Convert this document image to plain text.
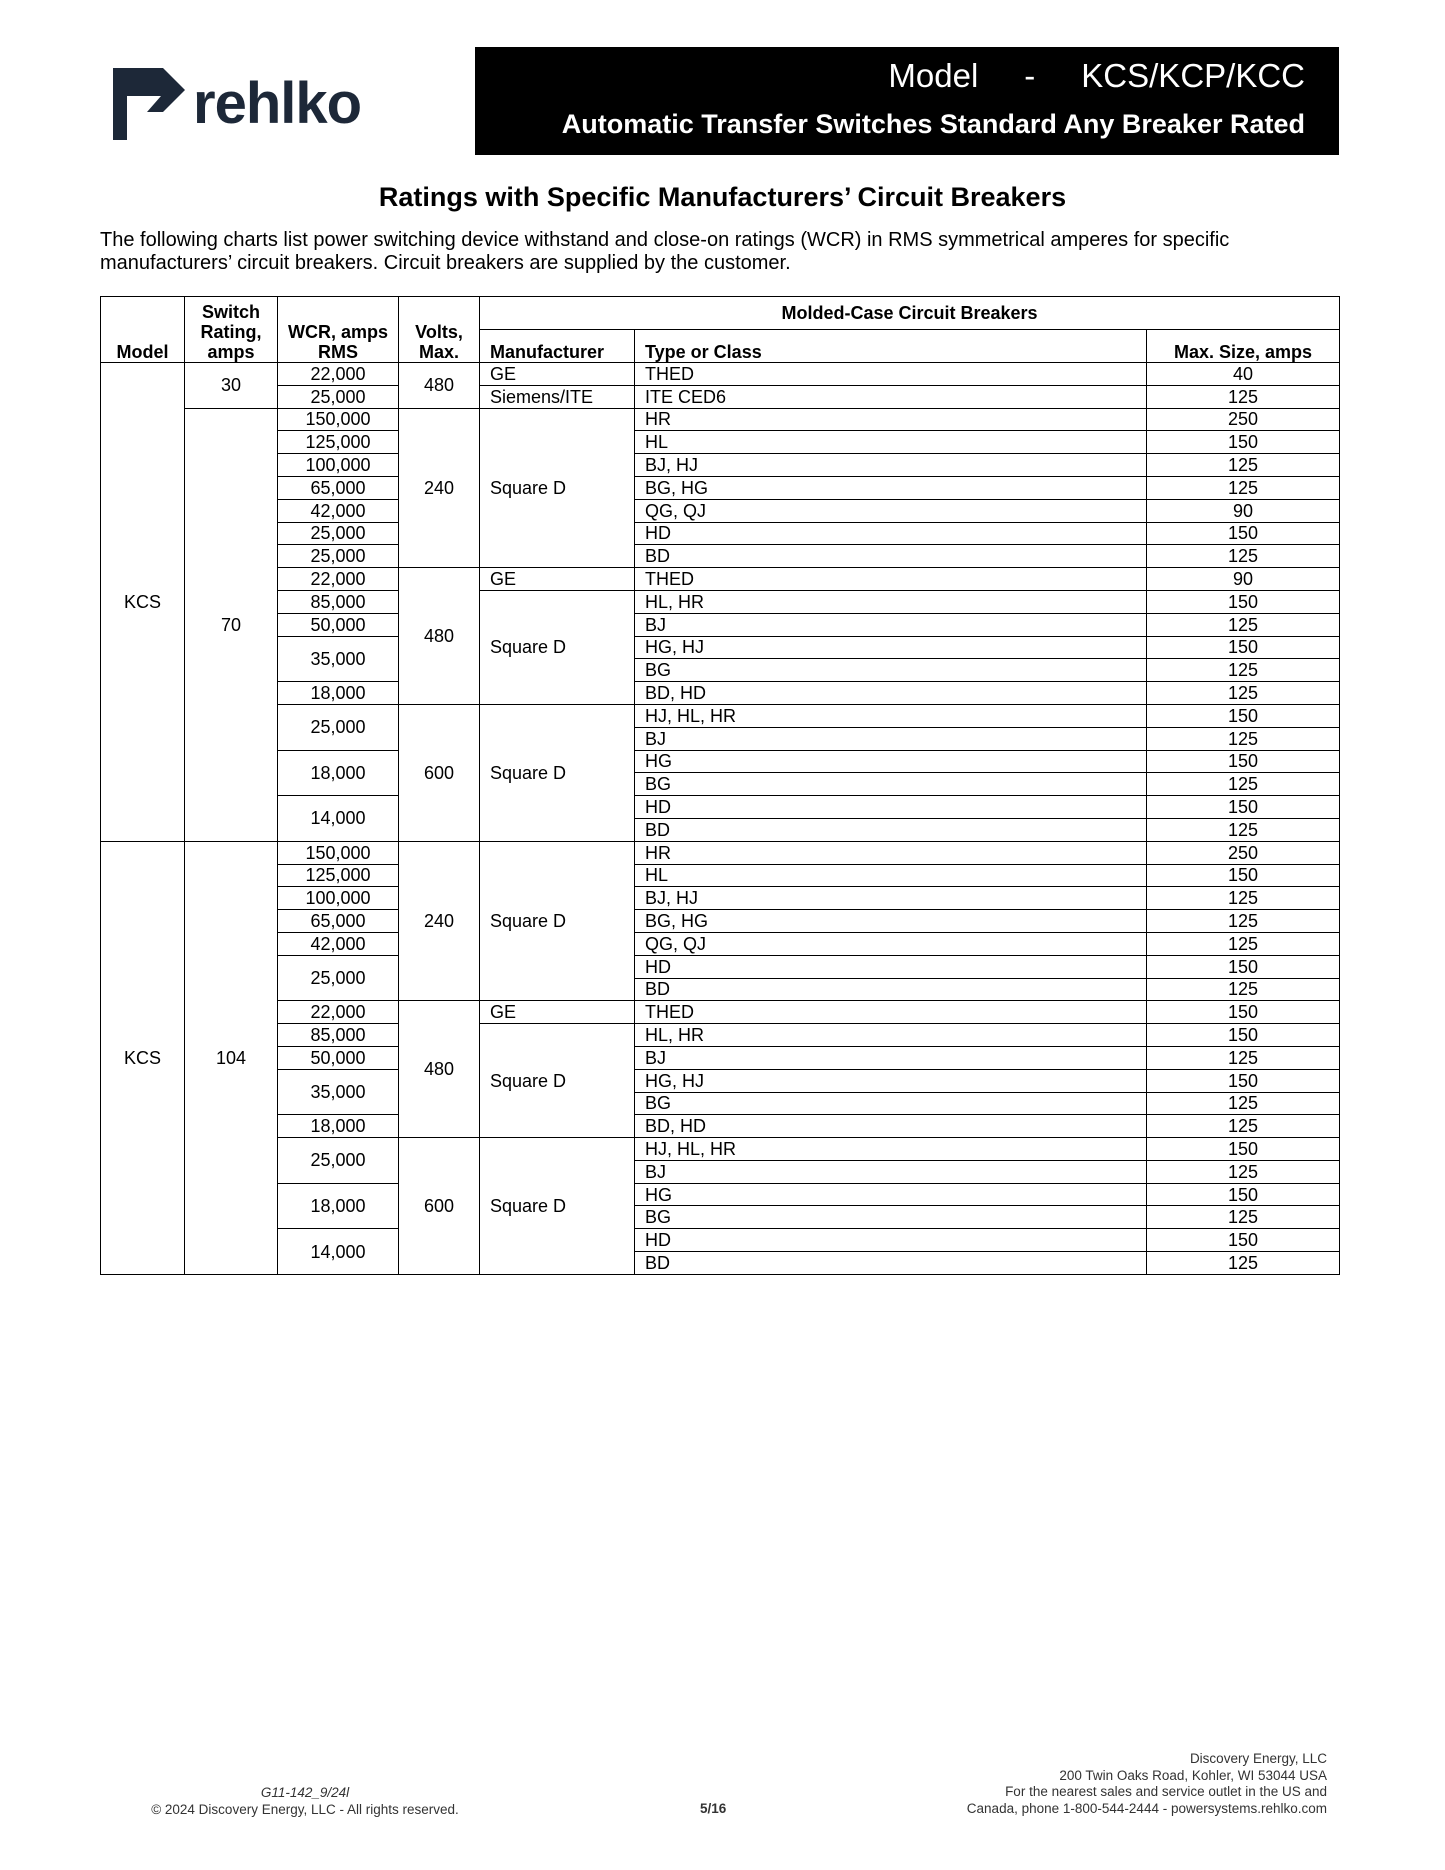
rehlko	Model - KCS/KCP/KCC
Automatic Transfer Switches Standard Any Breaker Rated
Ratings with Specific Manufacturers’ Circuit Breakers
The following charts list power switching device withstand and close-on ratings (WCR) in RMS symmetrical amperes for specific manufacturers’ circuit breakers. Circuit breakers are supplied by the customer.
Model	Switch Rating, amps	WCR, amps RMS	Volts, Max.	Molded-Case Circuit Breakers		
				Manufacturer	Type or Class	Max. Size, amps
KCS	30	22,000	480	GE	THED	40
		25,000		Siemens/ITE	ITE CED6	125
	70	150,000	240	Square D	HR	250
		125,000			HL	150
		100,000			BJ, HJ	125
		65,000			BG, HG	125
		42,000			QG, QJ	90
		25,000			HD	150
		25,000			BD	125
		22,000	480	GE	THED	90
		85,000		Square D	HL, HR	150
		50,000			BJ	125
		35,000			HG, HJ	150
					BG	125
		18,000			BD, HD	125
		25,000	600	Square D	HJ, HL, HR	150
					BJ	125
		18,000			HG	150
					BG	125
		14,000			HD	150
					BD	125
KCS	104	150,000	240	Square D	HR	250
		125,000			HL	150
		100,000			BJ, HJ	125
		65,000			BG, HG	125
		42,000			QG, QJ	125
		25,000			HD	150
					BD	125
		22,000	480	GE	THED	150
		85,000		Square D	HL, HR	150
		50,000			BJ	125
		35,000			HG, HJ	150
					BG	125
		18,000			BD, HD	125
		25,000	600	Square D	HJ, HL, HR	150
					BJ	125
		18,000			HG	150
					BG	125
		14,000			HD	150
					BD	125
G11-142_9/24l
© 2024 Discovery Energy, LLC - All rights reserved.	5/16
Discovery Energy, LLC
200 Twin Oaks Road, Kohler, WI 53044 USA
For the nearest sales and service outlet in the US and
Canada, phone 1-800-544-2444 - powersystems.rehlko.com
